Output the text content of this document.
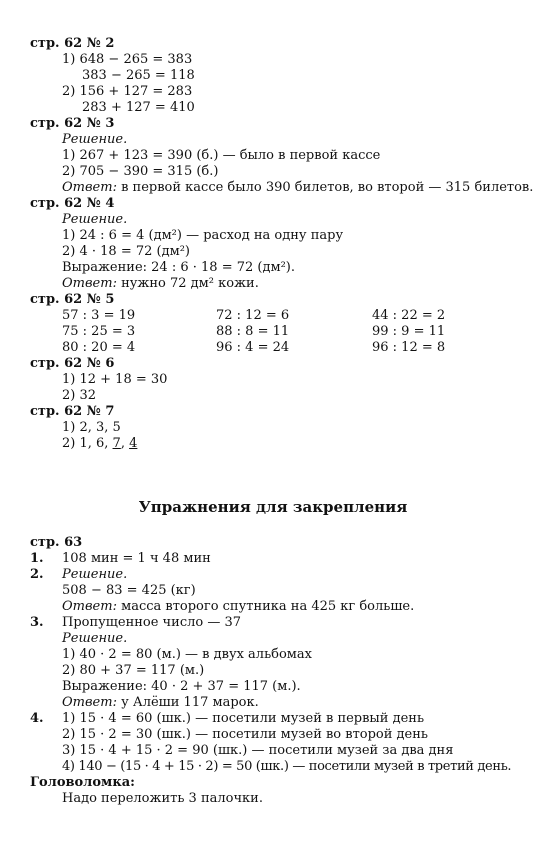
стр. 62 № 2
1) 648 − 265 = 383
383 − 265 = 118
2) 156 + 127 = 283
283 + 127 = 410
стр. 62 № 3
Решение.
1) 267 + 123 = 390 (б.) — было в первой кассе
2) 705 − 390 = 315 (б.)
Ответ: в первой кассе было 390 билетов, во второй — 315 билетов.
стр. 62 № 4
Решение.
1) 24 : 6 = 4 (дм²) — расход на одну пару
2) 4 · 18 = 72 (дм²)
Выражение: 24 : 6 · 18 = 72 (дм²).
Ответ: нужно 72 дм² кожи.
стр. 62 № 5
57 : 3 = 19
75 : 25 = 3
80 : 20 = 4
72 : 12 = 6
88 : 8 = 11
96 : 4 = 24
44 : 22 = 2
99 : 9 = 11
96 : 12 = 8
стр. 62 № 6
1) 12 + 18 = 30
2) 32
стр. 62 № 7
1) 2, 3, 5
2) 1, 6, 7, 4
Упражнения для закрепления
стр. 63
1. 108 мин = 1 ч 48 мин
2. Решение.
508 − 83 = 425 (кг)
Ответ: масса второго спутника на 425 кг больше.
3. Пропущенное число — 37
Решение.
1) 40 · 2 = 80 (м.) — в двух альбомах
2) 80 + 37 = 117 (м.)
Выражение: 40 · 2 + 37 = 117 (м.).
Ответ: у Алёши 117 марок.
4. 1) 15 · 4 = 60 (шк.) — посетили музей в первый день
2) 15 · 2 = 30 (шк.) — посетили музей во второй день
3) 15 · 4 + 15 · 2 = 90 (шк.) — посетили музей за два дня
4) 140 − (15 · 4 + 15 · 2) = 50 (шк.) — посетили музей в третий день.
Головоломка:
Надо переложить 3 палочки.
